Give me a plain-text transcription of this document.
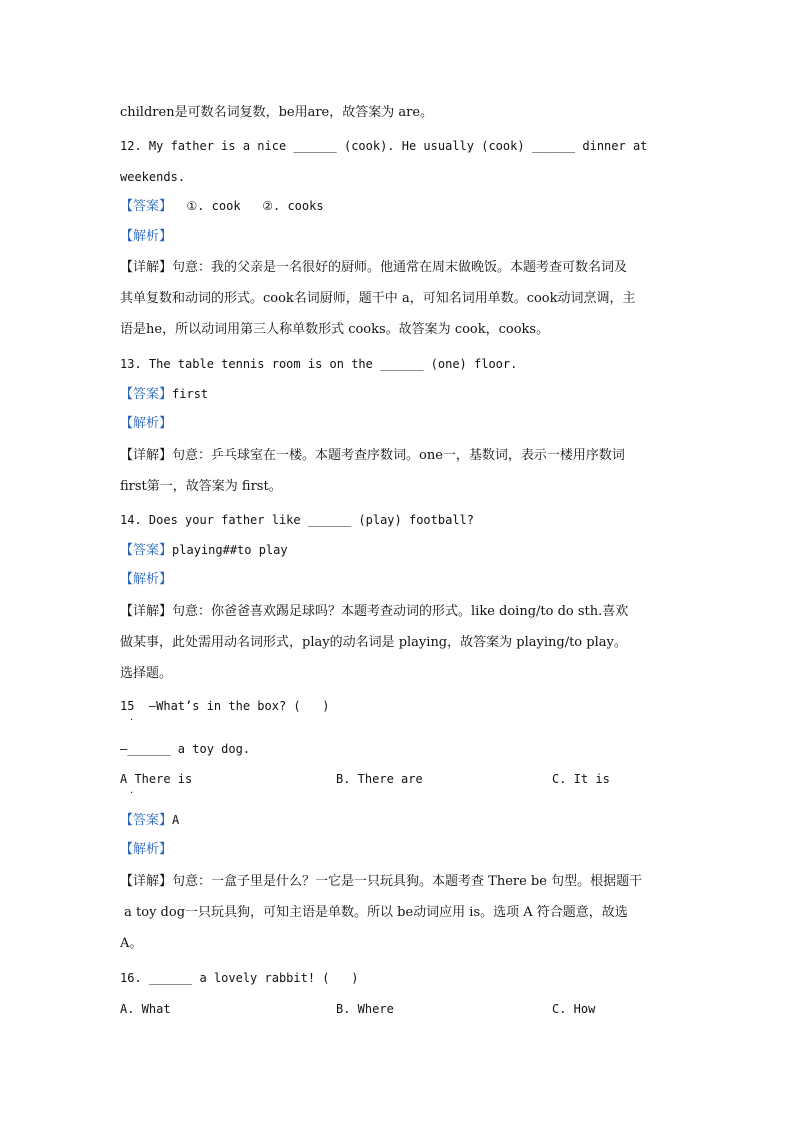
children是可数名词复数，be用are，故答案为 are。
12. My father is a nice ______ (cook). He usually (cook) ______ dinner at
weekends.
【答案】  ①. cook   ②. cooks
【解析】
【详解】句意：我的父亲是一名很好的厨师。他通常在周末做晚饭。本题考查可数名词及
其单复数和动词的形式。cook名词厨师，题干中 a，可知名词用单数。cook动词烹调，主
语是he，所以动词用第三人称单数形式 cooks。故答案为 cook，cooks。
13. The table tennis room is on the ______ (one) floor.
【答案】first
【解析】
【详解】句意：乒乓球室在一楼。本题考查序数词。one一，基数词，表示一楼用序数词
first第一，故答案为 first。
14. Does your father like ______ (play) football?
【答案】playing##to play
【解析】
【详解】句意：你爸爸喜欢踢足球吗？本题考查动词的形式。like doing/to do sth.喜欢
做某事，此处需用动名词形式，play的动名词是 playing，故答案为 playing/to play。
选择题。
15  —What’s in the box? (   )
·
—______ a toy dog.
A There is	B. There are	C. It is
·
【答案】A
【解析】
【详解】句意：一盒子里是什么？一它是一只玩具狗。本题考查 There be 句型。根据题干
a toy dog一只玩具狗，可知主语是单数。所以 be动词应用 is。选项 A 符合题意，故选
A。
16. ______ a lovely rabbit! (   )
A. What	B. Where	C. How
